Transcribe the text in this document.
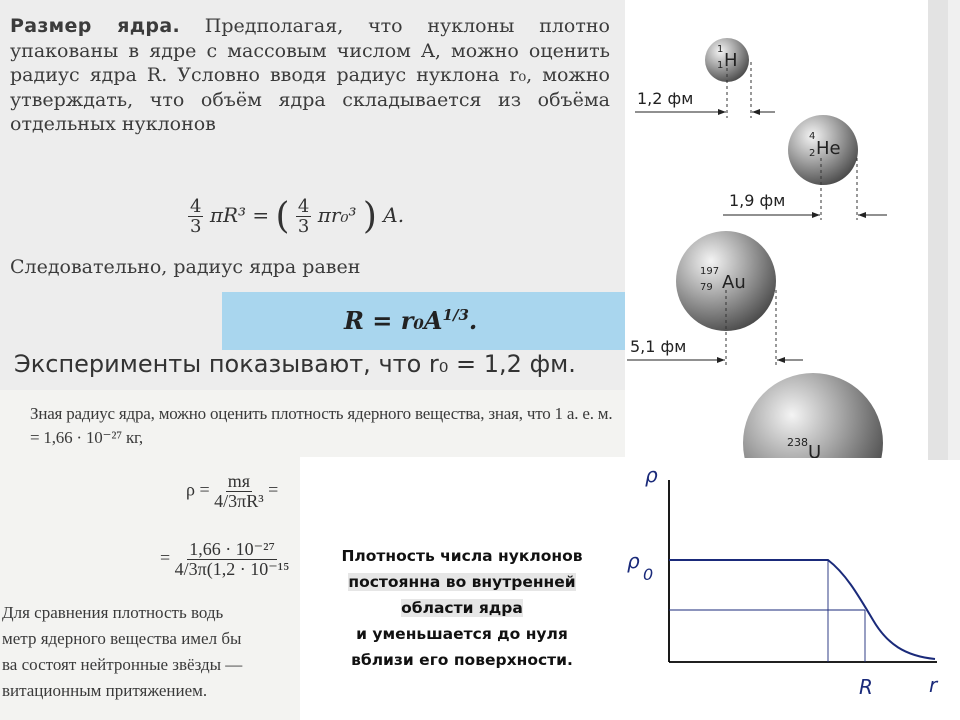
Размер ядра. Предполагая, что нуклоны плотно упакованы в ядре с массовым числом A, можно оценить радиус ядра R. Условно вводя радиус нуклона r₀, можно утверждать, что объём ядра складывается из объёма отдельных нуклонов
$\frac{4}{3} \pi R^3$ = ( $\frac{4}{3} \pi r_0^3$ ) A.
Следовательно, радиус ядра равен
$R = r_0A^{1/3}$.
Эксперименты показывают, что r₀ = 1,2 фм.
Зная радиус ядра, можно оценить плотность ядерного вещества, зная, что 1 а. е. м. = 1,66 · 10⁻²⁷ кг,
$\rho = \frac{mя}{\text{4/3πR³}}$ =
= $\frac{\text{1,66 · 10⁻²⁷}}{\text{4/3π(1,2 · 10⁻¹⁵}}$
Для сравнения плотность водь
метр ядерного вещества имел бы
ва состоят нейтронные звёзды —
витационным притяжением.
Плотность числа нуклонов
постоянна во внутренней
области ядра
и уменьшается до нуля
вблизи его поверхности.
1
1 H
1,2 фм
4
2 He
1,9 фм
197
79 Au
5,1 фм
238 U
ρ
ρ
0
R	r
